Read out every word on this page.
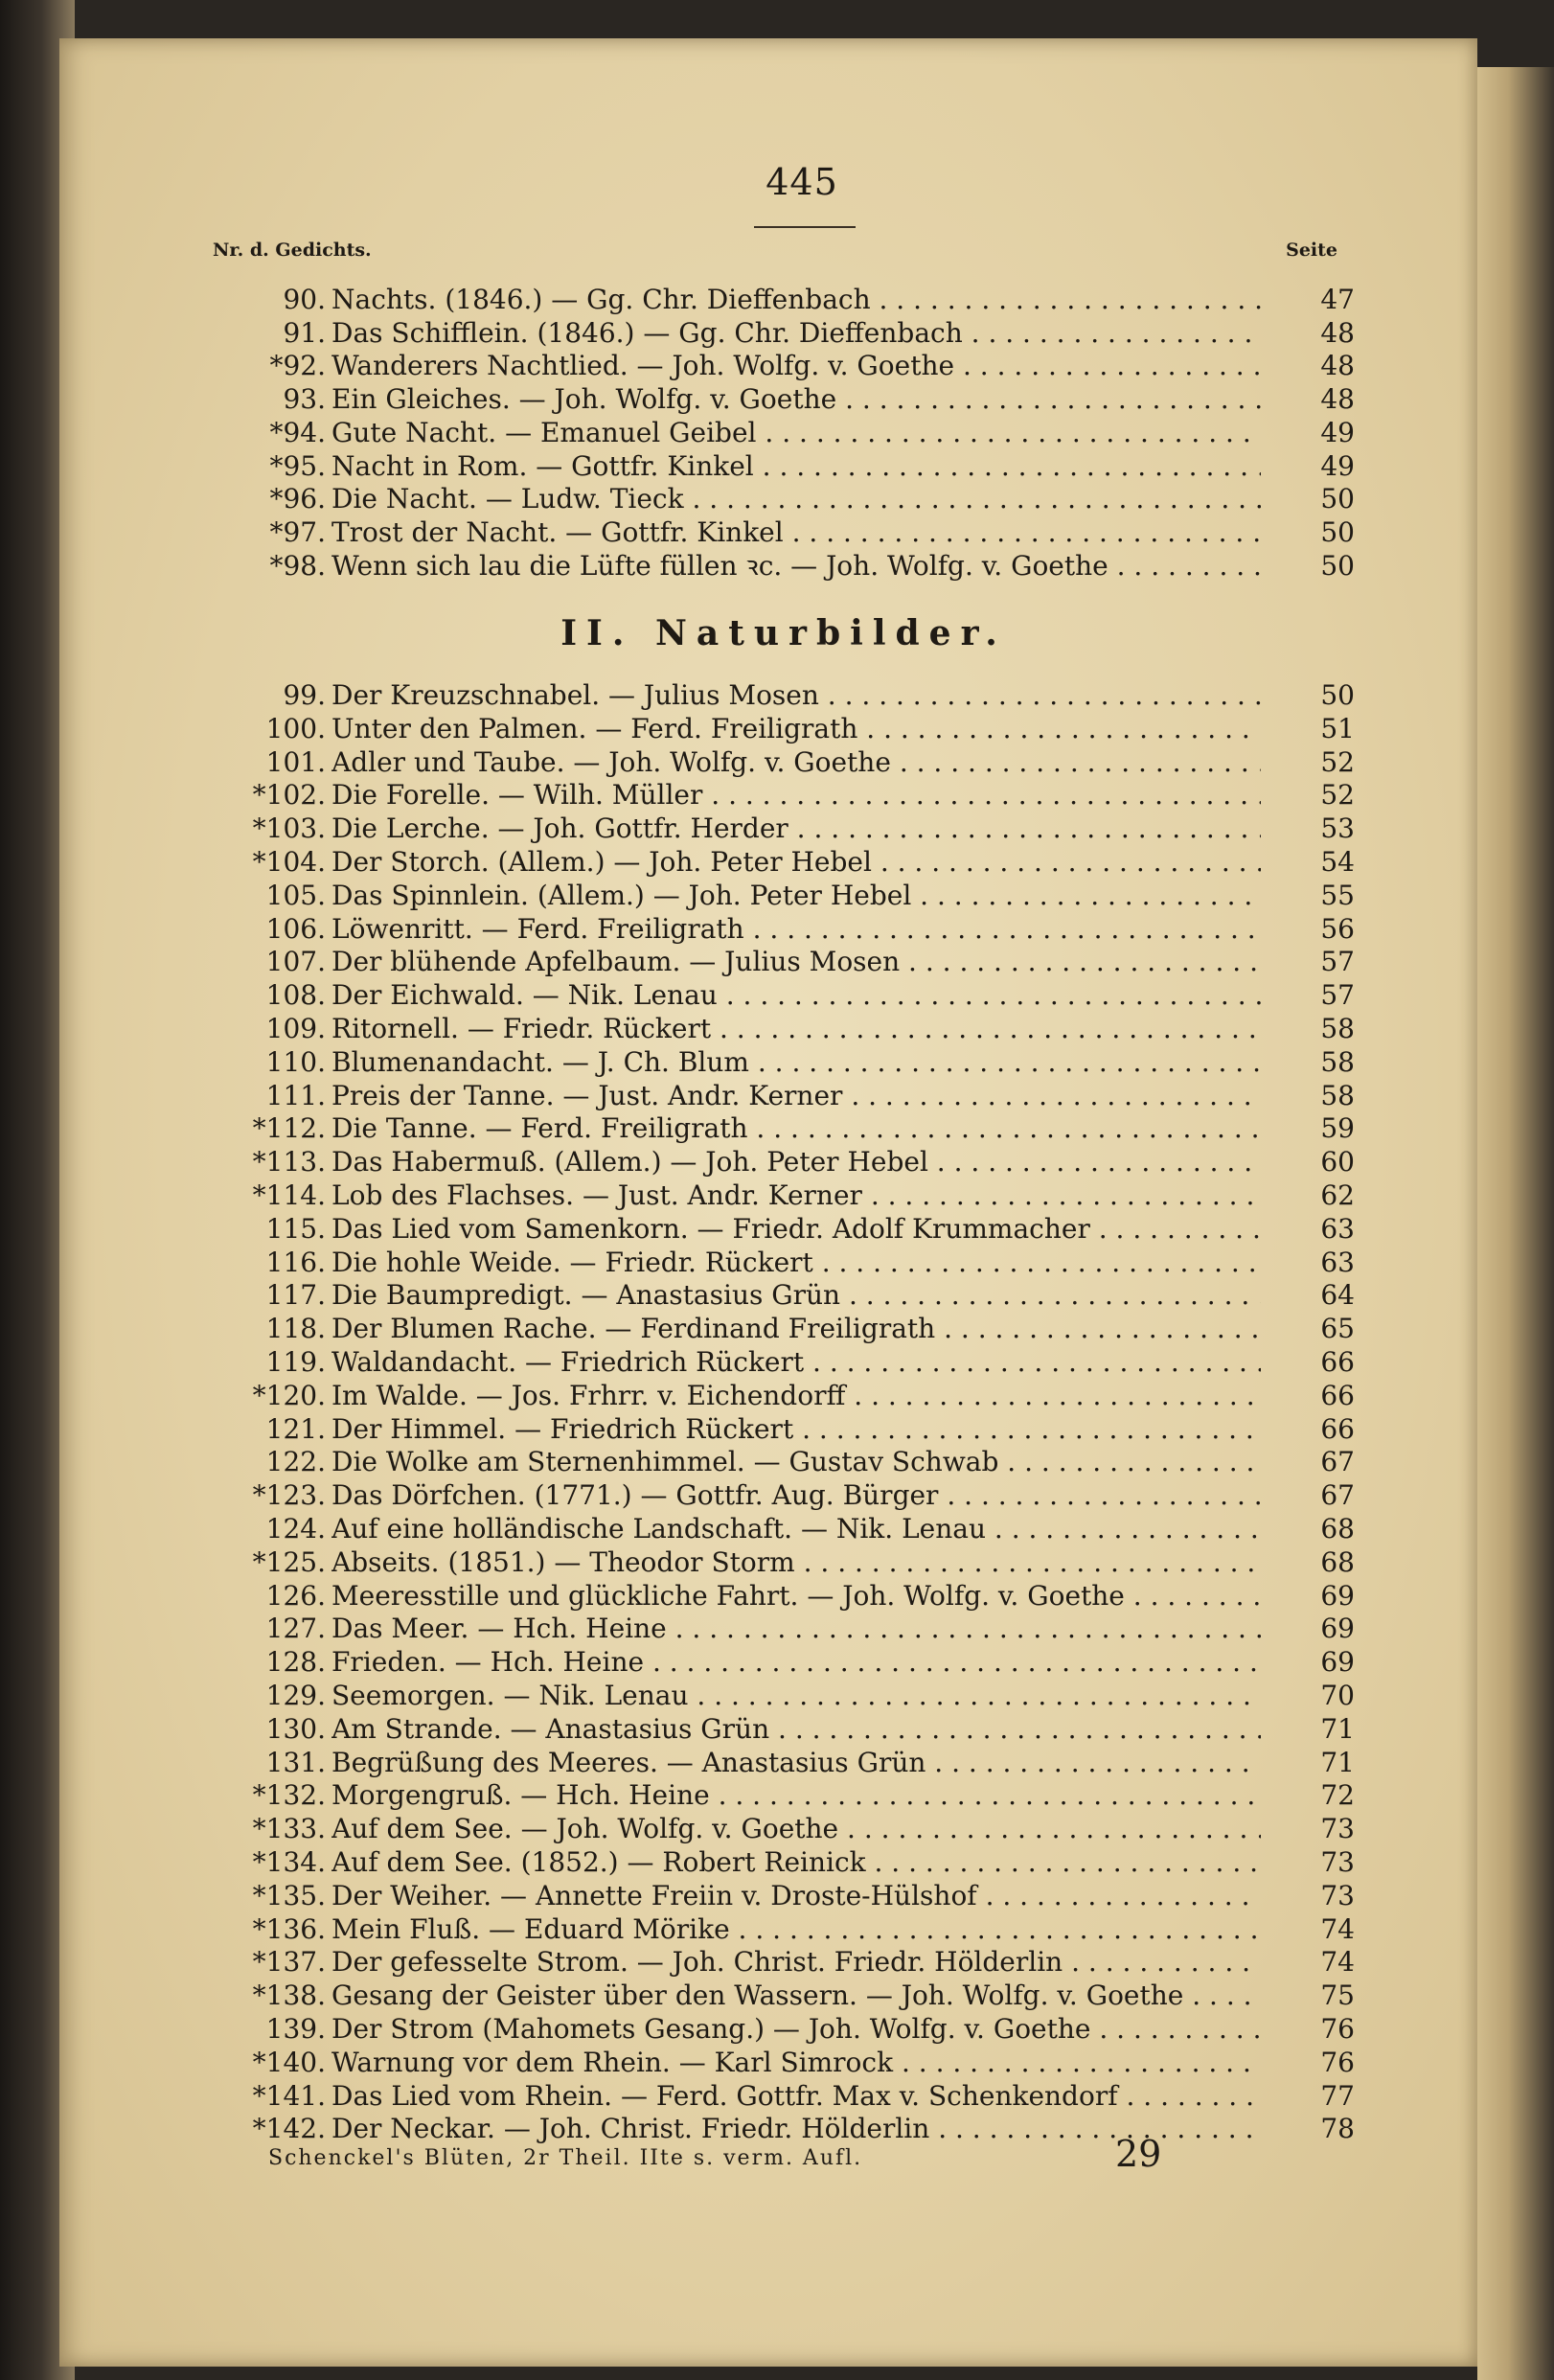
445
Nr. d. Gedichts.	Seite
90. Nachts. (1846.) — Gg. Chr. Dieffenbach . . .	47
91. Das Schifflein. (1846.) — Gg. Chr. Dieffenbach . . .	48
*92. Wanderers Nachtlied. — Joh. Wolfg. v. Goethe . . .	48
93. Ein Gleiches. — Joh. Wolfg. v. Goethe . . .	48
*94. Gute Nacht. — Emanuel Geibel . . .	49
*95. Nacht in Rom. — Gottfr. Kinkel . . .	49
*96. Die Nacht. — Ludw. Tieck . . .	50
*97. Trost der Nacht. — Gottfr. Kinkel . . .	50
*98. Wenn sich lau die Lüfte füllen ꝛc. — Joh. Wolfg. v. Goethe . . .	50
II. Naturbilder.
99. Der Kreuzschnabel. — Julius Mosen . . .	50
100. Unter den Palmen. — Ferd. Freiligrath . . .	51
101. Adler und Taube. — Joh. Wolfg. v. Goethe . . .	52
*102. Die Forelle. — Wilh. Müller . . .	52
*103. Die Lerche. — Joh. Gottfr. Herder . . .	53
*104. Der Storch. (Allem.) — Joh. Peter Hebel . . .	54
105. Das Spinnlein. (Allem.) — Joh. Peter Hebel . . .	55
106. Löwenritt. — Ferd. Freiligrath . . .	56
107. Der blühende Apfelbaum. — Julius Mosen . . .	57
108. Der Eichwald. — Nik. Lenau . . .	57
109. Ritornell. — Friedr. Rückert . . .	58
110. Blumenandacht. — J. Ch. Blum . . .	58
111. Preis der Tanne. — Just. Andr. Kerner . . .	58
*112. Die Tanne. — Ferd. Freiligrath . . .	59
*113. Das Habermuß. (Allem.) — Joh. Peter Hebel . . .	60
*114. Lob des Flachses. — Just. Andr. Kerner . . .	62
115. Das Lied vom Samenkorn. — Friedr. Adolf Krummacher . . .	63
116. Die hohle Weide. — Friedr. Rückert . . .	63
117. Die Baumpredigt. — Anastasius Grün . . .	64
118. Der Blumen Rache. — Ferdinand Freiligrath . . .	65
119. Waldandacht. — Friedrich Rückert . . .	66
*120. Im Walde. — Jos. Frhrr. v. Eichendorff . . .	66
121. Der Himmel. — Friedrich Rückert . . .	66
122. Die Wolke am Sternenhimmel. — Gustav Schwab . . .	67
*123. Das Dörfchen. (1771.) — Gottfr. Aug. Bürger . . .	67
124. Auf eine holländische Landschaft. — Nik. Lenau . . .	68
*125. Abseits. (1851.) — Theodor Storm . . .	68
126. Meeresstille und glückliche Fahrt. — Joh. Wolfg. v. Goethe . . .	69
127. Das Meer. — Hch. Heine . . .	69
128. Frieden. — Hch. Heine . . .	69
129. Seemorgen. — Nik. Lenau . . .	70
130. Am Strande. — Anastasius Grün . . .	71
131. Begrüßung des Meeres. — Anastasius Grün . . .	71
*132. Morgengruß. — Hch. Heine . . .	72
*133. Auf dem See. — Joh. Wolfg. v. Goethe . . .	73
*134. Auf dem See. (1852.) — Robert Reinick . . .	73
*135. Der Weiher. — Annette Freiin v. Droste-Hülshof . . .	73
*136. Mein Fluß. — Eduard Mörike . . .	74
*137. Der gefesselte Strom. — Joh. Christ. Friedr. Hölderlin . . .	74
*138. Gesang der Geister über den Wassern. — Joh. Wolfg. v. Goethe . . .	75
139. Der Strom (Mahomets Gesang.) — Joh. Wolfg. v. Goethe . . .	76
*140. Warnung vor dem Rhein. — Karl Simrock . . .	76
*141. Das Lied vom Rhein. — Ferd. Gottfr. Max v. Schenkendorf . . .	77
*142. Der Neckar. — Joh. Christ. Friedr. Hölderlin . . .	78
Schenckel's Blüten, 2r Theil. IIte s. verm. Aufl.	29
